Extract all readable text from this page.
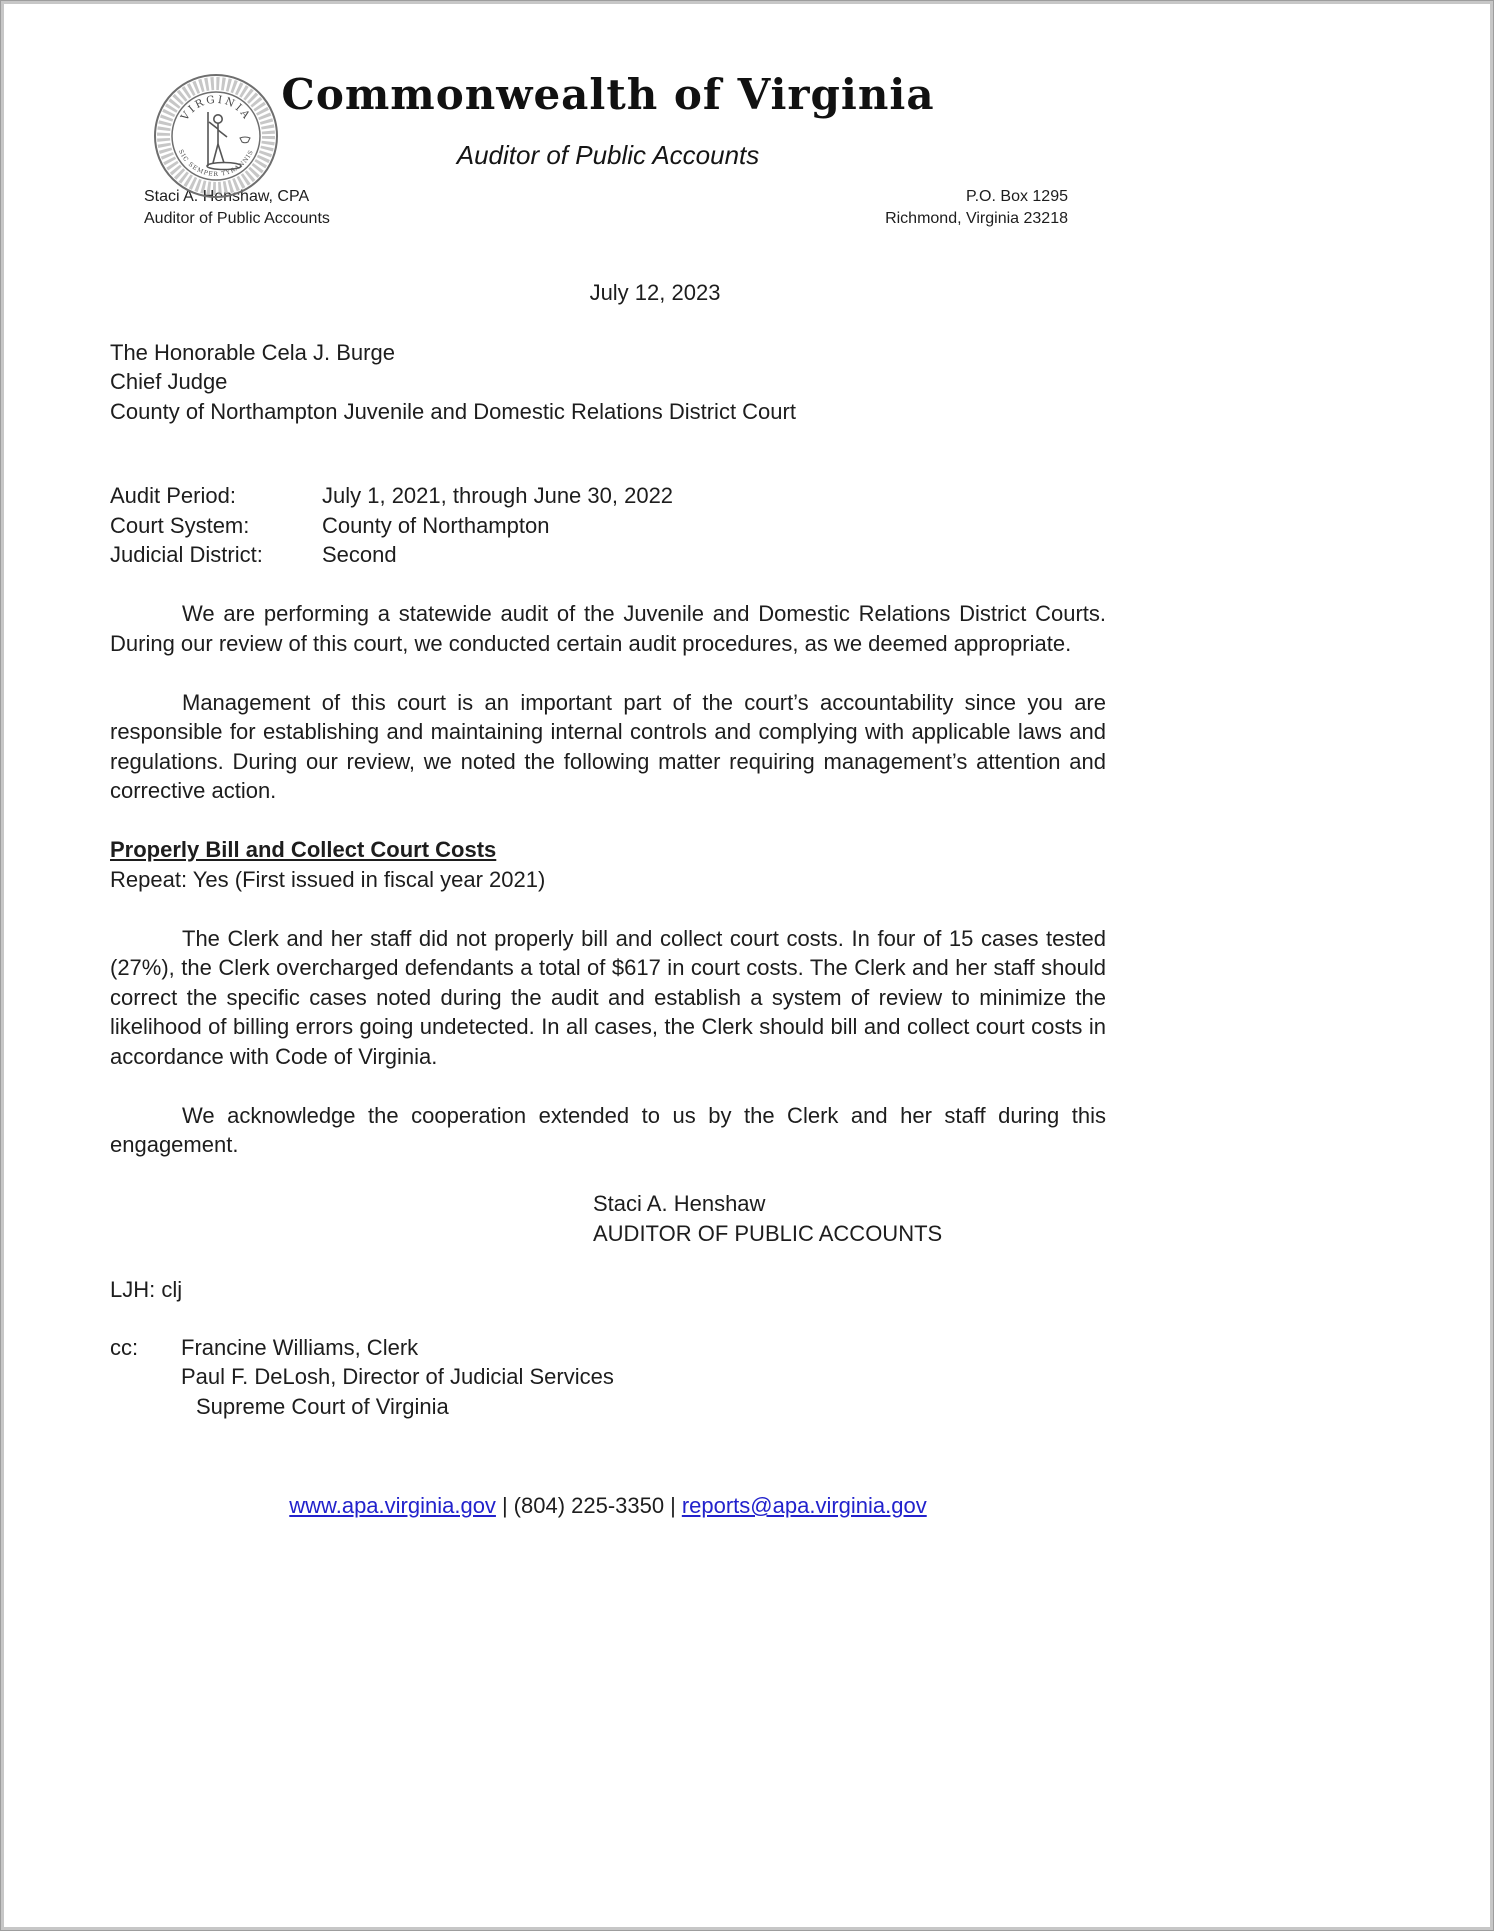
VIRGINIA
SIC SEMPER TYRANNIS
Commonwealth of Virginia
Auditor of Public Accounts
Staci A. Henshaw, CPA
Auditor of Public Accounts
P.O. Box 1295
Richmond, Virginia 23218
July 12, 2023
The Honorable Cela J. Burge
Chief Judge
County of Northampton Juvenile and Domestic Relations District Court
Audit Period:	July 1, 2021, through June 30, 2022
Court System:	County of Northampton
Judicial District:	Second

We are performing a statewide audit of the Juvenile and Domestic Relations District Courts. During our review of this court, we conducted certain audit procedures, as we deemed appropriate.

Management of this court is an important part of the court’s accountability since you are responsible for establishing and maintaining internal controls and complying with applicable laws and regulations. During our review, we noted the following matter requiring management’s attention and corrective action.

Properly Bill and Collect Court Costs
Repeat: Yes (First issued in fiscal year 2021)

The Clerk and her staff did not properly bill and collect court costs. In four of 15 cases tested (27%), the Clerk overcharged defendants a total of $617 in court costs. The Clerk and her staff should correct the specific cases noted during the audit and establish a system of review to minimize the likelihood of billing errors going undetected. In all cases, the Clerk should bill and collect court costs in accordance with Code of Virginia.

We acknowledge the cooperation extended to us by the Clerk and her staff during this engagement.

Staci A. Henshaw
AUDITOR OF PUBLIC ACCOUNTS
LJH: clj
cc:	Francine Williams, Clerk
Paul F. DeLosh, Director of Judicial Services
Supreme Court of Virginia
www.apa.virginia.gov | (804) 225-3350 | reports@apa.virginia.gov
